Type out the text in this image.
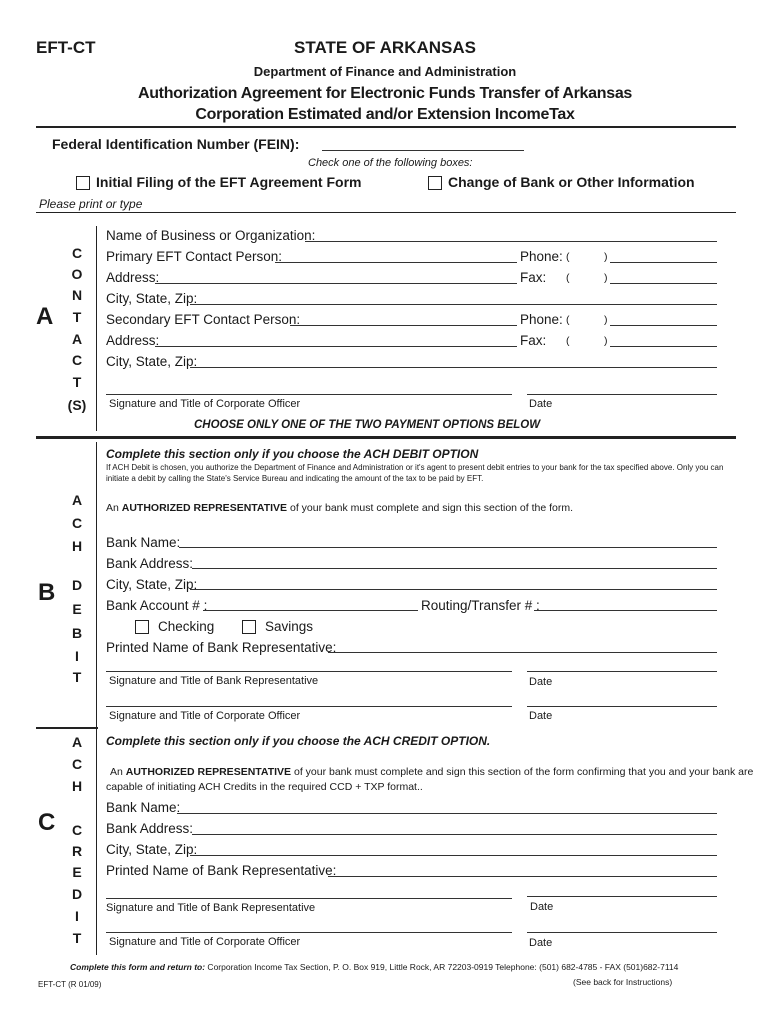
EFT-CT	STATE OF ARKANSAS
Department of Finance and Administration
Authorization Agreement for Electronic Funds Transfer of Arkansas
Corporation Estimated and/or Extension IncomeTax
Federal Identification Number (FEIN):
Check one of the following boxes:
Initial Filing of the EFT Agreement Form	Change of Bank or Other Information
Please print or type
A
C
O
N
T
A
C
T
(S)
Name of Business or Organization:
Primary EFT Contact Person:	Phone: (	)
Address:	Fax: (	)
City, State, Zip:
Secondary EFT Contact Person:	Phone: (	)
Address:	Fax: (	)
City, State, Zip:
Signature and Title of Corporate Officer	Date
CHOOSE ONLY ONE OF THE TWO PAYMENT OPTIONS BELOW
B
A
C
H
D
E
B
I
T
Complete this section only if you choose the ACH DEBIT OPTION
If ACH Debit is chosen, you authorize the Department of Finance and Administration or it's agent to present debit entries to your bank for the tax specified above. Only you can
initiate a debit by calling the State's Service Bureau and indicating the amount of the tax to be paid by EFT.
An AUTHORIZED REPRESENTATIVE of your bank must complete and sign this section of the form.
Bank Name:
Bank Address:
City, State, Zip:
Bank Account # :	Routing/Transfer # :
Checking	Savings
Printed Name of Bank Representative:
Signature and Title of Bank Representative	Date
Signature and Title of Corporate Officer	Date
C
A
C
H
C
R
E
D
I
T
Complete this section only if you choose the ACH CREDIT OPTION.
An AUTHORIZED REPRESENTATIVE of your bank must complete and sign this section of the form confirming that you and your bank are
capable of initiating ACH Credits in the required CCD + TXP format..
Bank Name:
Bank Address:
City, State, Zip:
Printed Name of Bank Representative:
Signature and Title of Bank Representative	Date
Signature and Title of Corporate Officer	Date
Complete this form and return to: Corporation Income Tax Section, P. O. Box 919, Little Rock, AR 72203-0919 Telephone: (501) 682-4785 - FAX (501)682-7114
EFT-CT (R 01/09)	(See back for Instructions)
